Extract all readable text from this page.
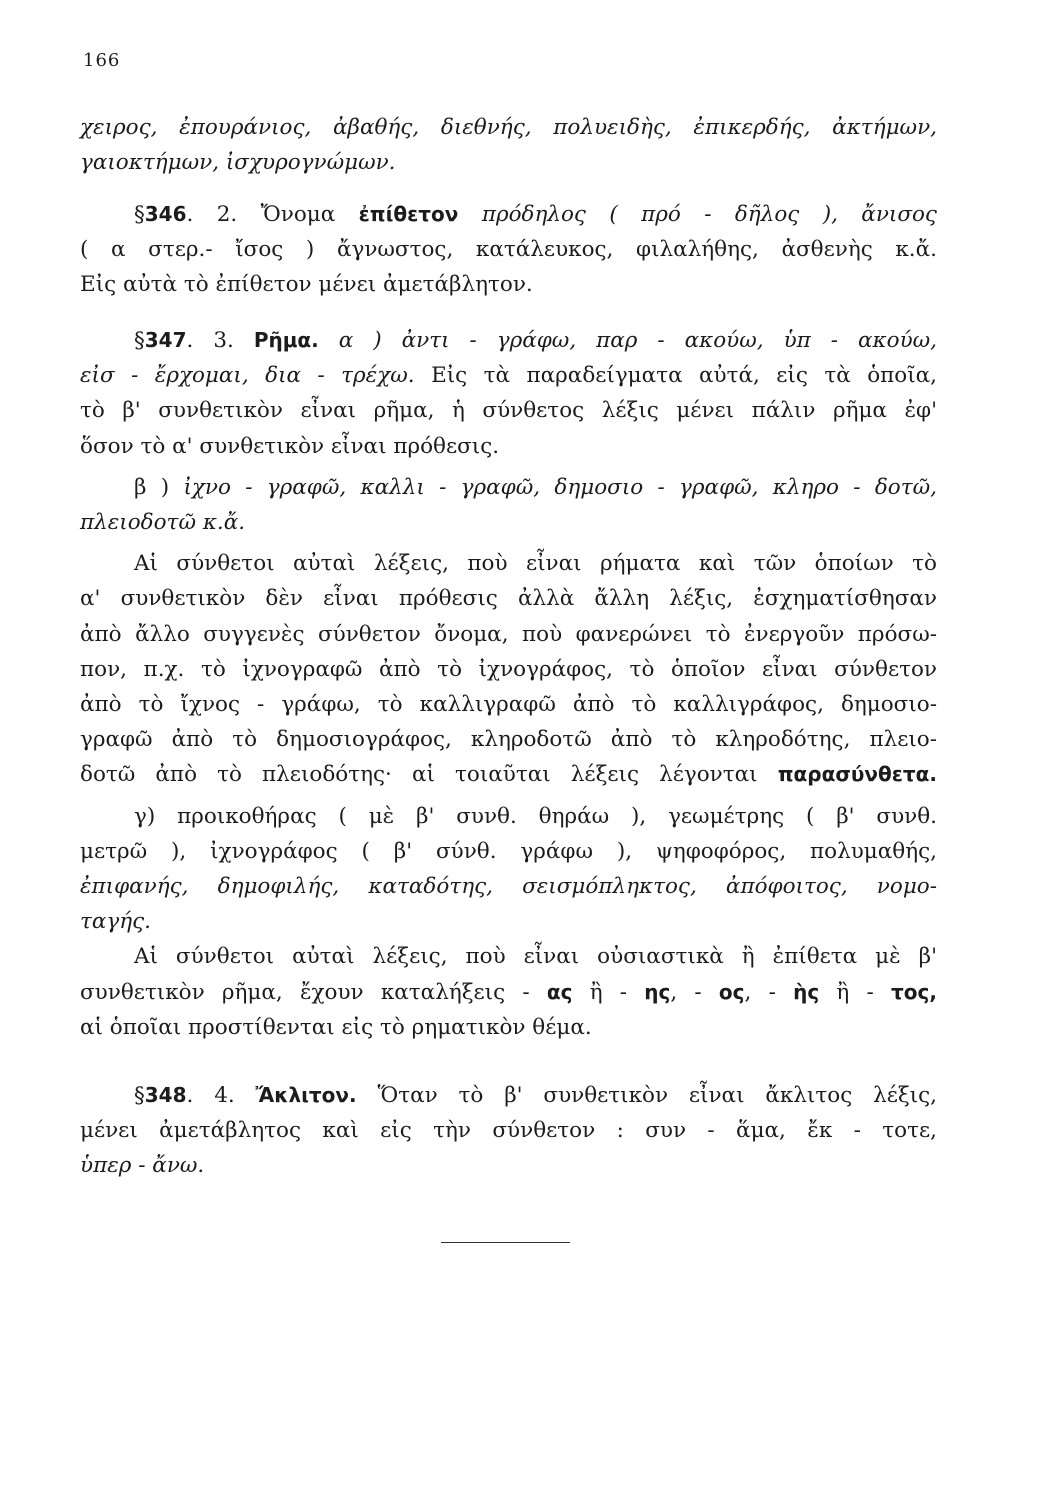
166
χειρος, ἐπουράνιος, ἀβαθής, διεθνής, πολυειδὴς, ἐπικερδής, ἀκτήμων,
γαιοκτήμων, ἰσχυρογνώμων.
§346. 2. Ὄνομα ἐπίθετον πρόδηλος ( πρό - δῆλος ), ἄνισος
( α στερ.- ἴσος ) ἄγνωστος, κατάλευκος, φιλαλήθης, ἀσθενὴς κ.ἄ.
Εἰς αὐτὰ τὸ ἐπίθετον μένει ἀμετάβλητον.
§347. 3. Ρῆμα. α ) ἀντι - γράφω, παρ - ακούω, ὑπ - ακούω,
εἰσ - ἔρχομαι, δια - τρέχω. Εἰς τὰ παραδείγματα αὐτά, εἰς τὰ ὁποῖα,
τὸ β' συνθετικὸν εἶναι ρῆμα, ἡ σύνθετος λέξις μένει πάλιν ρῆμα ἐφ'
ὅσον τὸ α' συνθετικὸν εἶναι πρόθεσις.
β ) ἰχνο - γραφῶ, καλλι - γραφῶ, δημοσιο - γραφῶ, κληρο - δοτῶ,
πλειοδοτῶ κ.ἄ.
Αἱ σύνθετοι αὐταὶ λέξεις, ποὺ εἶναι ρήματα καὶ τῶν ὁποίων τὸ
α' συνθετικὸν δὲν εἶναι πρόθεσις ἀλλὰ ἄλλη λέξις, ἐσχηματίσθησαν
ἀπὸ ἄλλο συγγενὲς σύνθετον ὄνομα, ποὺ φανερώνει τὸ ἐνεργοῦν πρόσω-
πον, π.χ. τὸ ἰχνογραφῶ ἀπὸ τὸ ἰχνογράφος, τὸ ὁποῖον εἶναι σύνθετον
ἀπὸ τὸ ἴχνος - γράφω, τὸ καλλιγραφῶ ἀπὸ τὸ καλλιγράφος, δημοσιο-
γραφῶ ἀπὸ τὸ δημοσιογράφος, κληροδοτῶ ἀπὸ τὸ κληροδότης, πλειο-
δοτῶ ἀπὸ τὸ πλειοδότης· αἱ τοιαῦται λέξεις λέγονται παρασύνθετα.
γ) προικοθήρας ( μὲ β' συνθ. θηράω ), γεωμέτρης ( β' συνθ.
μετρῶ ), ἰχνογράφος ( β' σύνθ. γράφω ), ψηφοφόρος, πολυμαθής,
ἐπιφανής, δημοφιλής, καταδότης, σεισμόπληκτος, ἀπόφοιτος, νομο-
ταγής.
Αἱ σύνθετοι αὐταὶ λέξεις, ποὺ εἶναι οὐσιαστικὰ ἢ ἐπίθετα μὲ β'
συνθετικὸν ρῆμα, ἔχουν καταλήξεις - ας ἢ - ης, - ος, - ὴς ἢ - τος,
αἱ ὁποῖαι προστίθενται εἰς τὸ ρηματικὸν θέμα.
§348. 4. Ἄκλιτον. Ὅταν τὸ β' συνθετικὸν εἶναι ἄκλιτος λέξις,
μένει ἀμετάβλητος καὶ εἰς τὴν σύνθετον : συν - ἅμα, ἔκ - τοτε,
ὑπερ - ἄνω.
